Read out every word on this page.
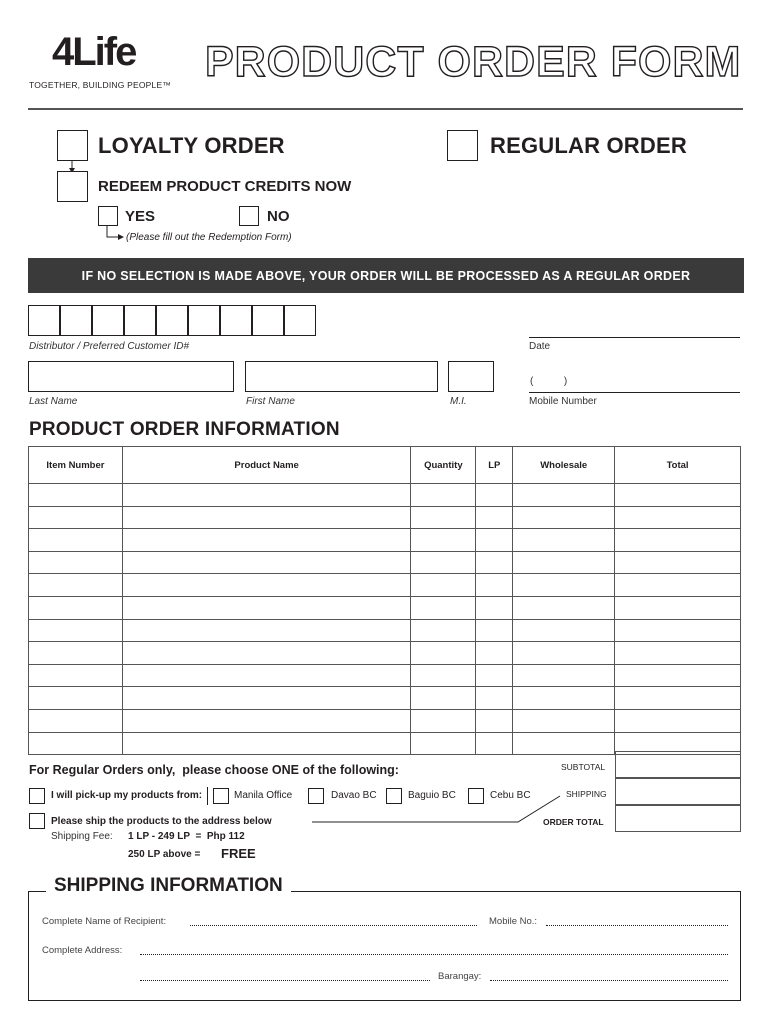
4Life
TOGETHER, BUILDING PEOPLE™ PRODUCT ORDER FORM
LOYALTY ORDER	REGULAR ORDER
REDEEM PRODUCT CREDITS NOW
YES	NO
(Please fill out the Redemption Form)
IF NO SELECTION IS MADE ABOVE, YOUR ORDER WILL BE PROCESSED AS A REGULAR ORDER
Distributor / Preferred Customer ID#	Date
Last Name	First Name	M.I.
(           )
Mobile Number
PRODUCT ORDER INFORMATION
Item Number	Product Name	Quantity	LP	Wholesale	Total

SUBTOTAL
SHIPPING
ORDER TOTAL
For Regular Orders only,  please choose ONE of the following:
I will pick-up my products from:	Manila Office	Davao BC	Baguio BC	Cebu BC
Please ship the products to the address below
Shipping Fee: 1 LP - 249 LP  =  Php 112
250 LP above = FREE
SHIPPING INFORMATION
Complete Name of Recipient:	Mobile No.:
Complete Address:
Barangay:
